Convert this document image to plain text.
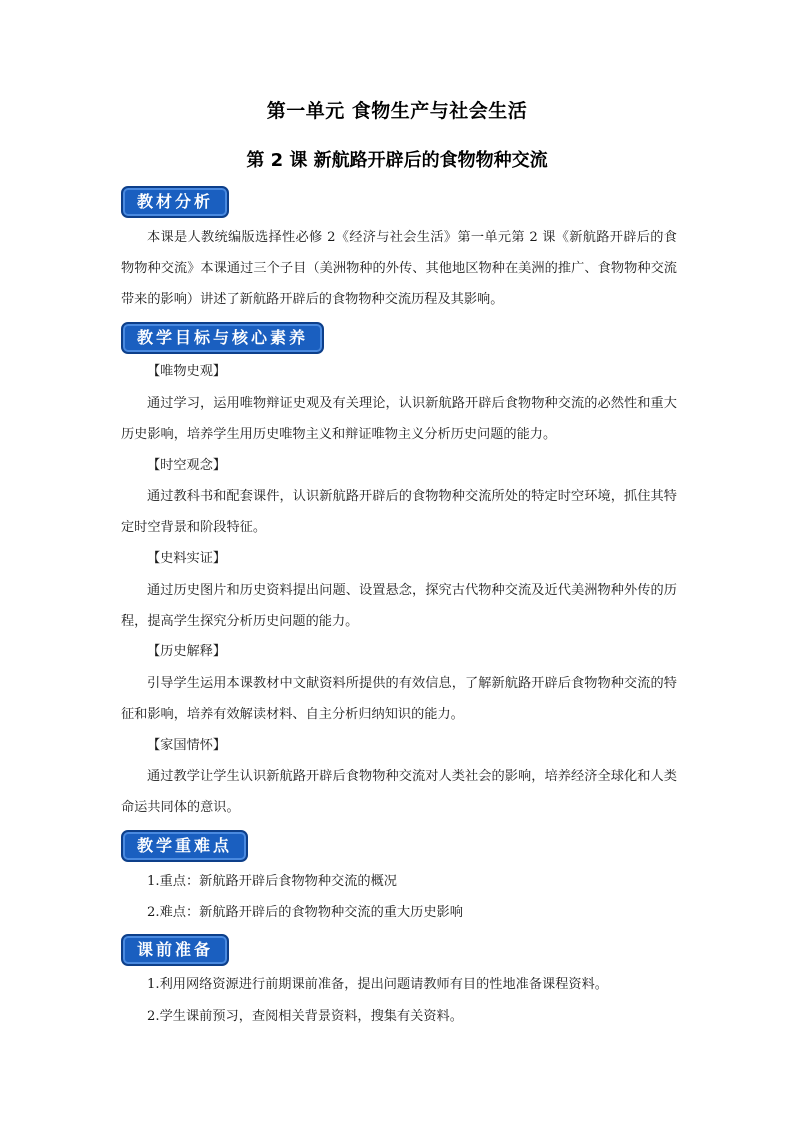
第一单元 食物生产与社会生活
第 2 课 新航路开辟后的食物物种交流
教材分析

本课是人教统编版选择性必修 2《经济与社会生活》第一单元第 2 课《新航路开辟后的食物物种交流》本课通过三个子目（美洲物种的外传、其他地区物种在美洲的推广、食物物种交流带来的影响）讲述了新航路开辟后的食物物种交流历程及其影响。

教学目标与核心素养
【唯物史观】

通过学习，运用唯物辩证史观及有关理论，认识新航路开辟后食物物种交流的必然性和重大历史影响，培养学生用历史唯物主义和辩证唯物主义分析历史问题的能力。

【时空观念】

通过教科书和配套课件，认识新航路开辟后的食物物种交流所处的特定时空环境，抓住其特定时空背景和阶段特征。

【史料实证】

通过历史图片和历史资料提出问题、设置悬念，探究古代物种交流及近代美洲物种外传的历程，提高学生探究分析历史问题的能力。

【历史解释】

引导学生运用本课教材中文献资料所提供的有效信息，了解新航路开辟后食物物种交流的特征和影响，培养有效解读材料、自主分析归纳知识的能力。

【家国情怀】

通过教学让学生认识新航路开辟后食物物种交流对人类社会的影响，培养经济全球化和人类命运共同体的意识。

教学重难点
1.重点：新航路开辟后食物物种交流的概况
2.难点：新航路开辟后的食物物种交流的重大历史影响
课前准备
1.利用网络资源进行前期课前准备，提出问题请教师有目的性地准备课程资料。
2.学生课前预习，查阅相关背景资料，搜集有关资料。
